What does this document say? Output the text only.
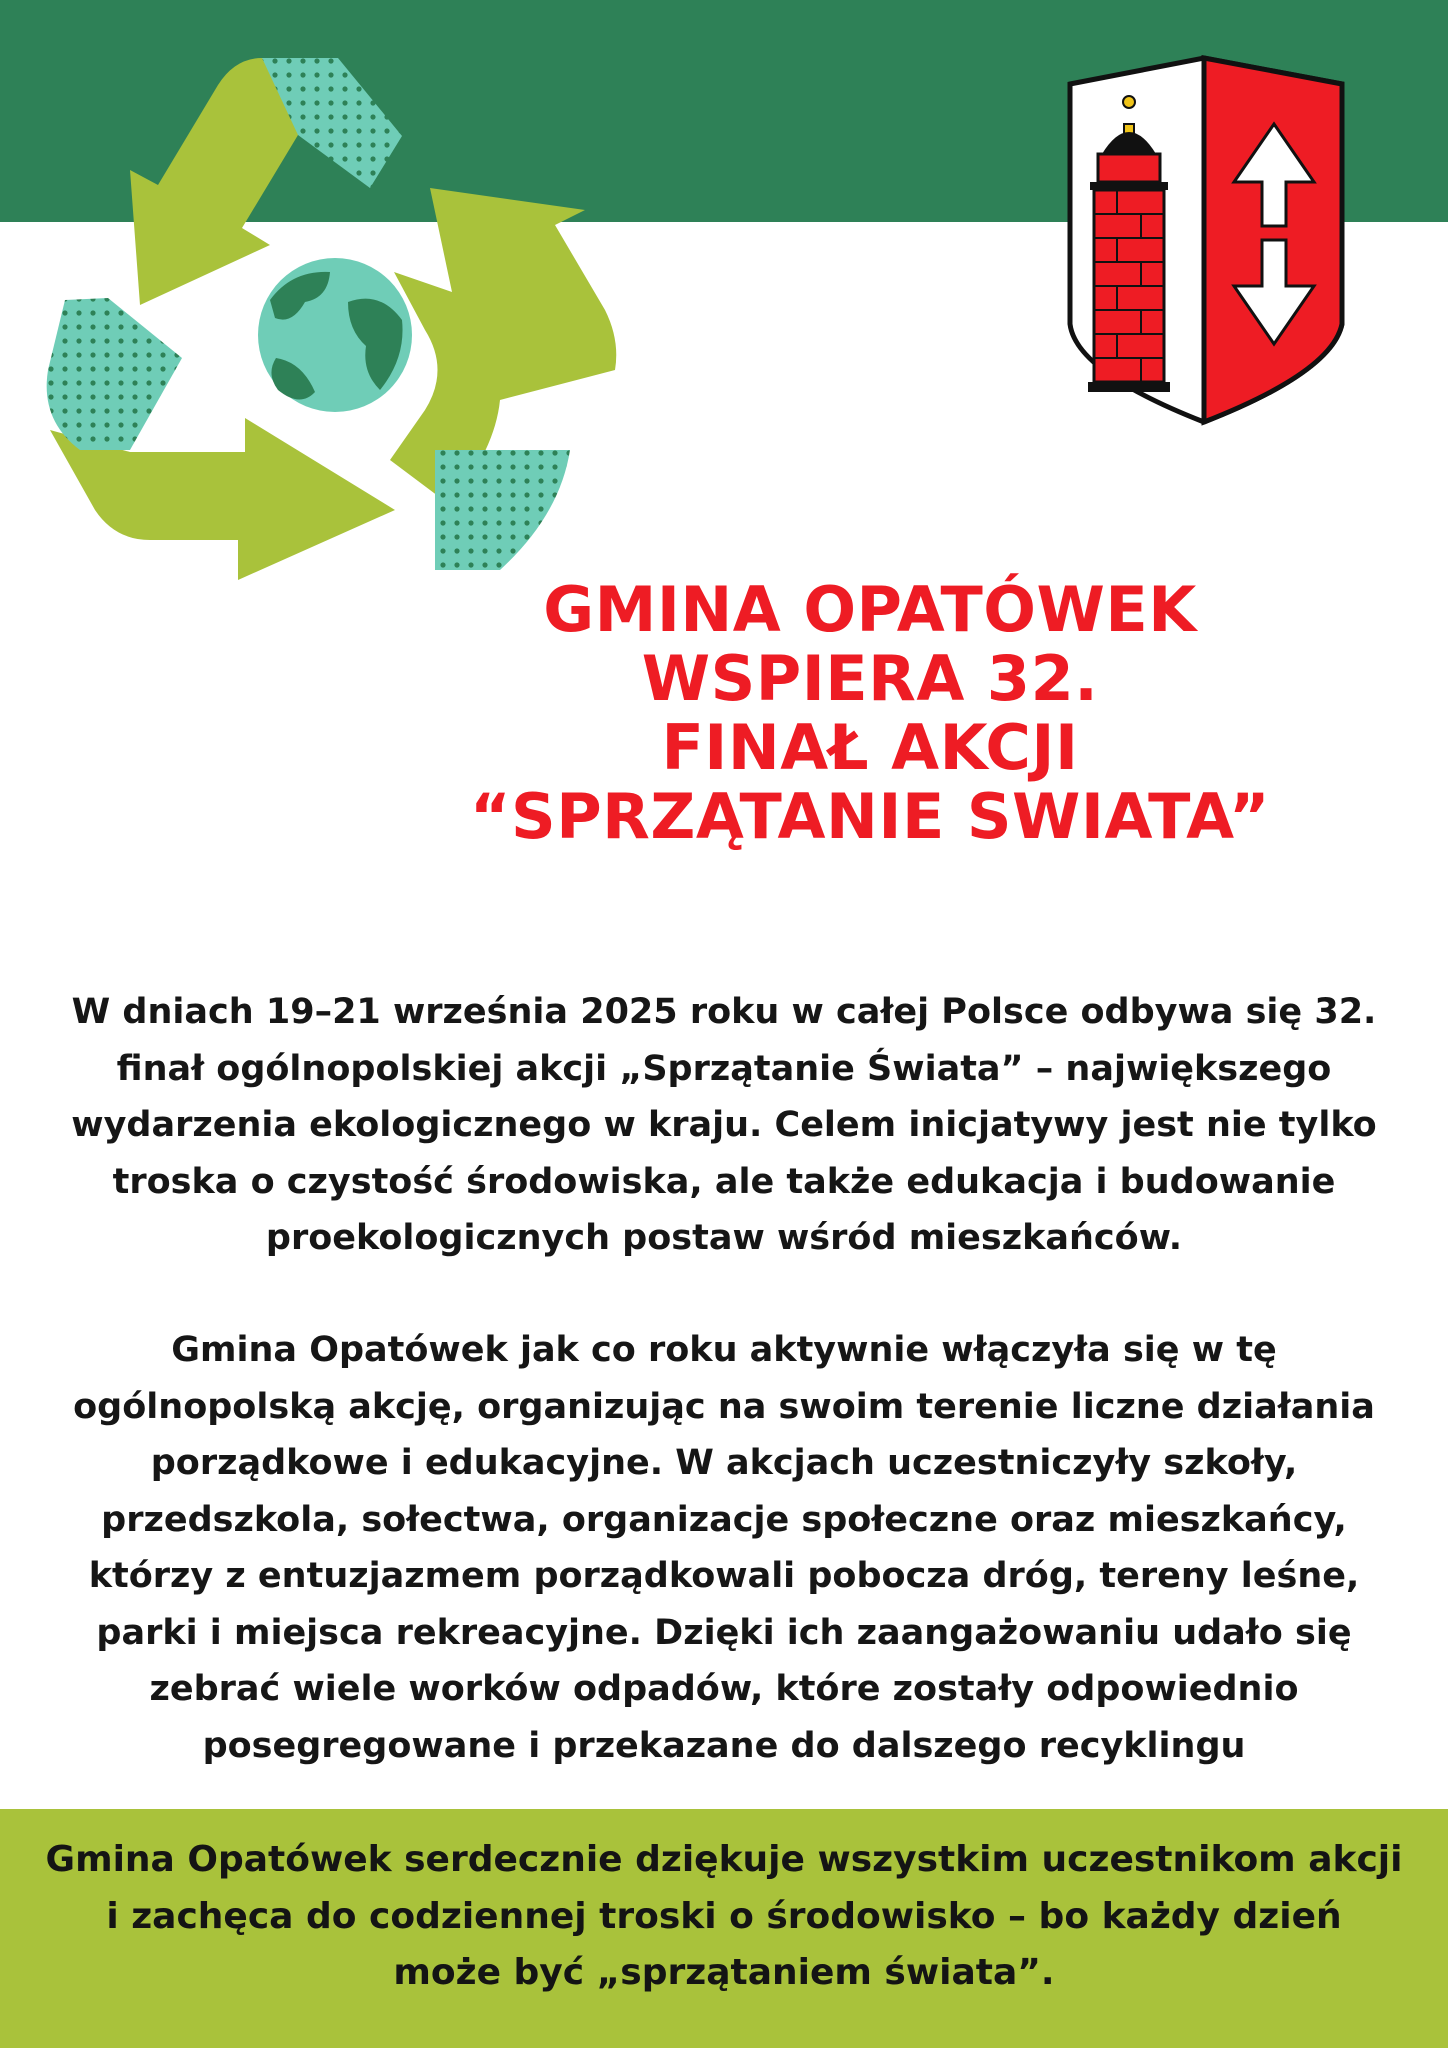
GMINA OPATÓWEK
WSPIERA 32.
FINAŁ AKCJI
“SPRZĄTANIE SWIATA”
W dniach 19–21 września 2025 roku w całej Polsce odbywa się 32.
finał ogólnopolskiej akcji „Sprzątanie Świata” – największego
wydarzenia ekologicznego w kraju. Celem inicjatywy jest nie tylko
troska o czystość środowiska, ale także edukacja i budowanie
proekologicznych postaw wśród mieszkańców.
Gmina Opatówek jak co roku aktywnie włączyła się w tę
ogólnopolską akcję, organizując na swoim terenie liczne działania
porządkowe i edukacyjne. W akcjach uczestniczyły szkoły,
przedszkola, sołectwa, organizacje społeczne oraz mieszkańcy,
którzy z entuzjazmem porządkowali pobocza dróg, tereny leśne,
parki i miejsca rekreacyjne. Dzięki ich zaangażowaniu udało się
zebrać wiele worków odpadów, które zostały odpowiednio
posegregowane i przekazane do dalszego recyklingu
Gmina Opatówek serdecznie dziękuje wszystkim uczestnikom akcji
i zachęca do codziennej troski o środowisko – bo każdy dzień
może być „sprzątaniem świata”.
